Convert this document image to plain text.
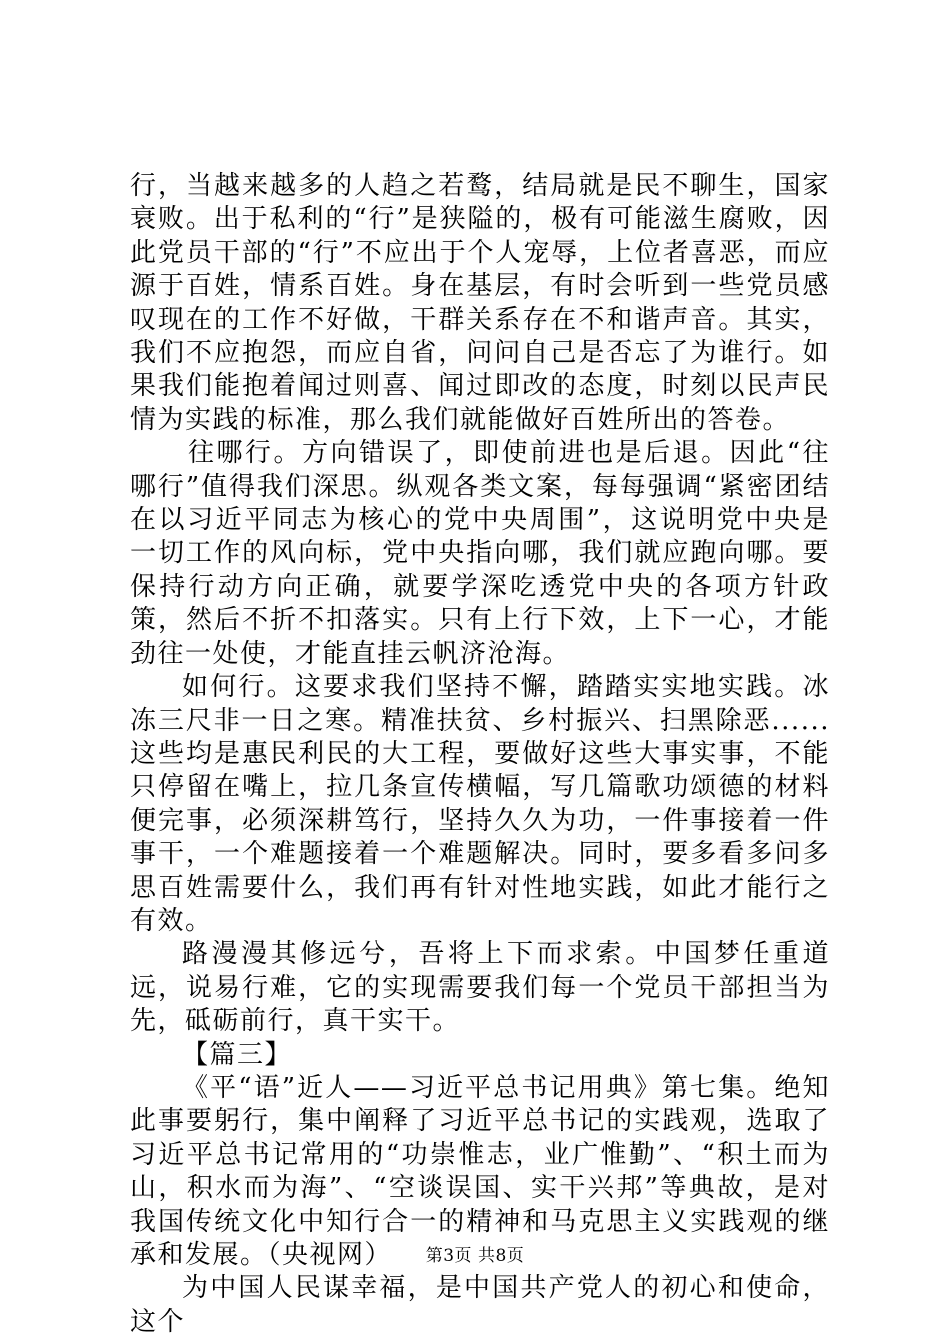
行，当越来越多的人趋之若鹜，结局就是民不聊生，国家衰败。出于私利的“行”是狭隘的，极有可能滋生腐败，因此党员干部的“行”不应出于个人宠辱，上位者喜恶，而应源于百姓，情系百姓。身在基层，有时会听到一些党员感叹现在的工作不好做，干群关系存在不和谐声音。其实，我们不应抱怨，而应自省，问问自己是否忘了为谁行。如果我们能抱着闻过则喜、闻过即改的态度，时刻以民声民情为实践的标准，那么我们就能做好百姓所出的答卷。

往哪行。方向错误了，即使前进也是后退。因此“往哪行”值得我们深思。纵观各类文案，每每强调“紧密团结在以习近平同志为核心的党中央周围”，这说明党中央是一切工作的风向标，党中央指向哪，我们就应跑向哪。要保持行动方向正确，就要学深吃透党中央的各项方针政策，然后不折不扣落实。只有上行下效，上下一心，才能劲往一处使，才能直挂云帆济沧海。

如何行。这要求我们坚持不懈，踏踏实实地实践。冰冻三尺非一日之寒。精准扶贫、乡村振兴、扫黑除恶......这些均是惠民利民的大工程，要做好这些大事实事，不能只停留在嘴上，拉几条宣传横幅，写几篇歌功颂德的材料便完事，必须深耕笃行，坚持久久为功，一件事接着一件事干，一个难题接着一个难题解决。同时，要多看多问多思百姓需要什么，我们再有针对性地实践，如此才能行之有效。

路漫漫其修远兮，吾将上下而求索。中国梦任重道远，说易行难，它的实现需要我们每一个党员干部担当为先，砥砺前行，真干实干。

【篇三】

《平“语”近人——习近平总书记用典》第七集。绝知此事要躬行，集中阐释了习近平总书记的实践观，选取了习近平总书记常用的“功崇惟志，业广惟勤”、“积土而为山，积水而为海”、“空谈误国、实干兴邦”等典故，是对我国传统文化中知行合一的精神和马克思主义实践观的继承和发展。（央视网）

为中国人民谋幸福，是中国共产党人的初心和使命，这个

第3页 共8页
